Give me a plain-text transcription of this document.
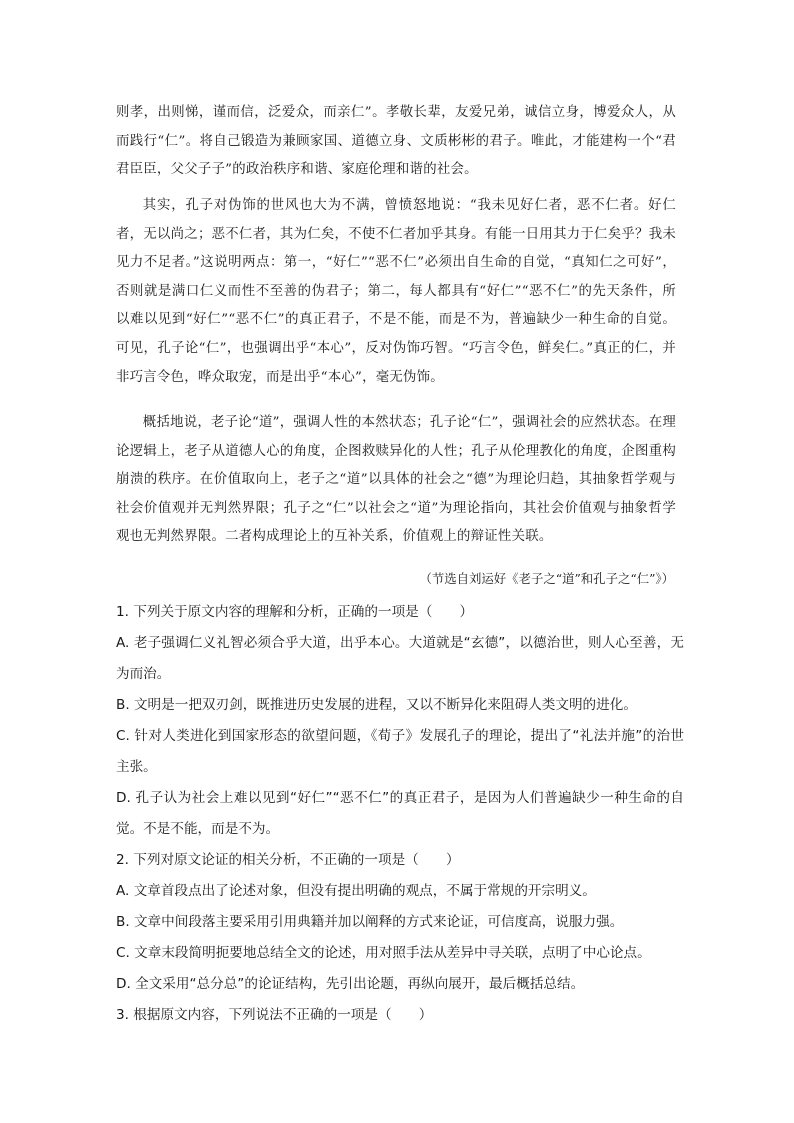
则孝，出则悌，谨而信，泛爱众，而亲仁”。孝敬长辈，友爱兄弟，诚信立身，博爱众人，从而践行“仁”。将自己锻造为兼顾家国、道德立身、文质彬彬的君子。唯此，才能建构一个“君君臣臣，父父子子”的政治秩序和谐、家庭伦理和谐的社会。

其实，孔子对伪饰的世风也大为不满，曾愤怒地说：“我未见好仁者，恶不仁者。好仁者，无以尚之；恶不仁者，其为仁矣，不使不仁者加乎其身。有能一日用其力于仁矣乎？我未见力不足者。”这说明两点：第一，“好仁”“恶不仁”必须出自生命的自觉，“真知仁之可好”，否则就是满口仁义而性不至善的伪君子；第二，每人都具有“好仁”“恶不仁”的先天条件，所以难以见到“好仁”“恶不仁”的真正君子，不是不能，而是不为，普遍缺少一种生命的自觉。可见，孔子论“仁”，也强调出乎“本心”，反对伪饰巧智。“巧言令色，鲜矣仁。”真正的仁，并非巧言令色，哗众取宠，而是出乎“本心”，毫无伪饰。

概括地说，老子论“道”，强调人性的本然状态；孔子论“仁”，强调社会的应然状态。在理论逻辑上，老子从道德人心的角度，企图救赎异化的人性；孔子从伦理教化的角度，企图重构崩溃的秩序。在价值取向上，老子之“道”以具体的社会之“德”为理论归趋，其抽象哲学观与社会价值观并无判然界限；孔子之“仁”以社会之“道”为理论指向，其社会价值观与抽象哲学观也无判然界限。二者构成理论上的互补关系，价值观上的辩证性关联。

（节选自刘运好《老子之“道”和孔子之“仁”》）
1. 下列关于原文内容的理解和分析，正确的一项是（　　）
A. 老子强调仁义礼智必须合乎大道，出乎本心。大道就是“玄德”，以德治世，则人心至善，无为而治。
B. 文明是一把双刃剑，既推进历史发展的进程，又以不断异化来阻碍人类文明的进化。
C. 针对人类进化到国家形态的欲望问题，《荀子》发展孔子的理论，提出了“礼法并施”的治世主张。
D. 孔子认为社会上难以见到“好仁”“恶不仁”的真正君子，是因为人们普遍缺少一种生命的自觉。不是不能，而是不为。
2. 下列对原文论证的相关分析，不正确的一项是（　　）
A. 文章首段点出了论述对象，但没有提出明确的观点，不属于常规的开宗明义。
B. 文章中间段落主要采用引用典籍并加以阐释的方式来论证，可信度高，说服力强。
C. 文章末段简明扼要地总结全文的论述，用对照手法从差异中寻关联，点明了中心论点。
D. 全文采用“总分总”的论证结构，先引出论题，再纵向展开，最后概括总结。
3. 根据原文内容，下列说法不正确的一项是（　　）
